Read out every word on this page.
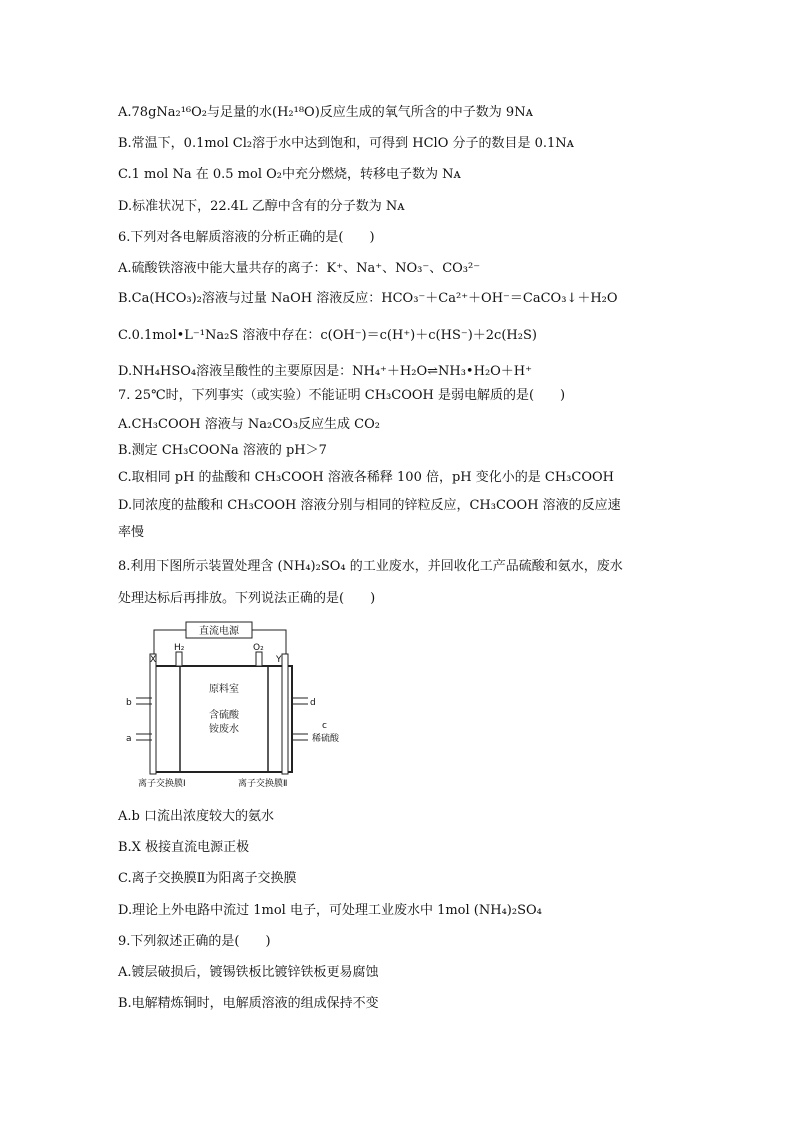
A.78gNa₂¹⁶O₂与足量的水(H₂¹⁸O)反应生成的氧气所含的中子数为 9Nᴀ
B.常温下，0.1mol Cl₂溶于水中达到饱和，可得到 HClO 分子的数目是 0.1Nᴀ
C.1 mol Na 在 0.5 mol O₂中充分燃烧，转移电子数为 Nᴀ
D.标准状况下，22.4L 乙醇中含有的分子数为 Nᴀ
6.下列对各电解质溶液的分析正确的是(　　)
A.硫酸铁溶液中能大量共存的离子：K⁺、Na⁺、NO₃⁻、CO₃²⁻
B.Ca(HCO₃)₂溶液与过量 NaOH 溶液反应：HCO₃⁻＋Ca²⁺＋OH⁻＝CaCO₃↓＋H₂O
C.0.1mol•L⁻¹Na₂S 溶液中存在：c(OH⁻)＝c(H⁺)＋c(HS⁻)＋2c(H₂S)
D.NH₄HSO₄溶液呈酸性的主要原因是：NH₄⁺＋H₂O⇌NH₃•H₂O＋H⁺
7. 25℃时，下列事实（或实验）不能证明 CH₃COOH 是弱电解质的是(　　)
A.CH₃COOH 溶液与 Na₂CO₃反应生成 CO₂
B.测定 CH₃COONa 溶液的 pH＞7
C.取相同 pH 的盐酸和 CH₃COOH 溶液各稀释 100 倍，pH 变化小的是 CH₃COOH
D.同浓度的盐酸和 CH₃COOH 溶液分别与相同的锌粒反应，CH₃COOH 溶液的反应速
率慢
8.利用下图所示装置处理含 (NH₄)₂SO₄ 的工业废水，并回收化工产品硫酸和氨水，废水
处理达标后再排放。下列说法正确的是(　　)
直流电源
X	Y
H₂	O₂
b
a
d
c
稀硫酸
原料室
含硫酸
铵废水
离子交换膜Ⅰ	离子交换膜Ⅱ
A.b 口流出浓度较大的氨水
B.X 极接直流电源正极
C.离子交换膜Ⅱ为阳离子交换膜
D.理论上外电路中流过 1mol 电子，可处理工业废水中 1mol (NH₄)₂SO₄
9.下列叙述正确的是(　　)
A.镀层破损后，镀锡铁板比镀锌铁板更易腐蚀
B.电解精炼铜时，电解质溶液的组成保持不变
